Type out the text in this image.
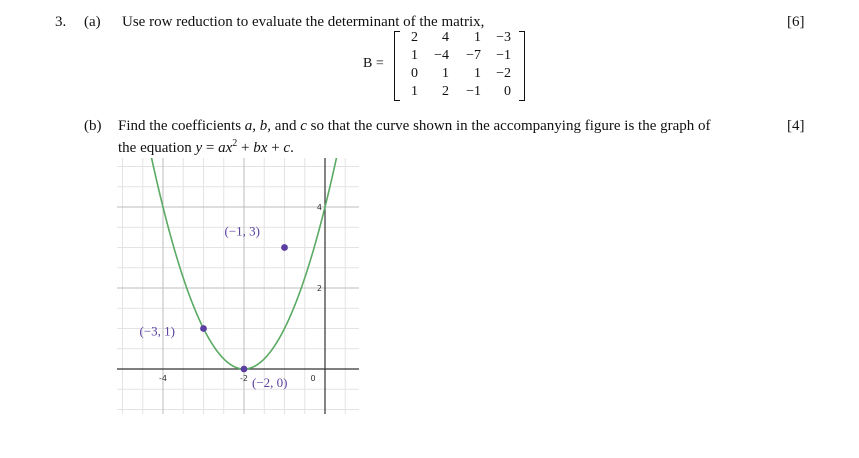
3. (a) Use row reduction to evaluate the determinant of the matrix,	[6]
B =
2	4	1	−3
1	−4	−7	−1
0	1	1	−2
1	2	−1	0
(b) Find the coefficients a, b, and c so that the curve shown in the accompanying figure is the graph of	[4]
the equation $y = ax^2$ + bx + c.
-4	-2	0
4
2
(−1, 3)
(−3, 1)
(−2, 0)
